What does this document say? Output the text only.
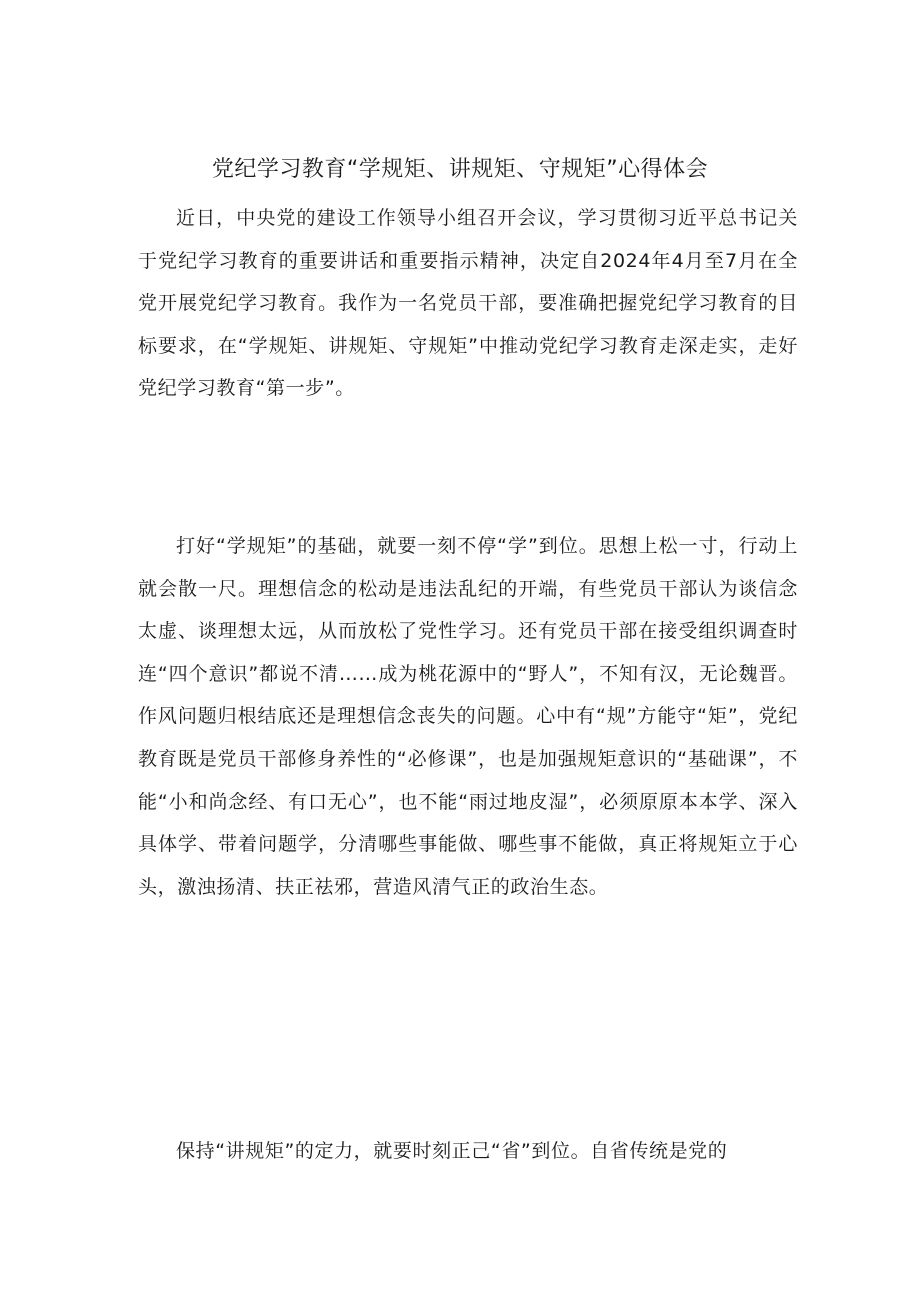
党纪学习教育“学规矩、讲规矩、守规矩”心得体会

近日，中央党的建设工作领导小组召开会议，学习贯彻习近平总书记关于党纪学习教育的重要讲话和重要指示精神，决定自2024年4月至7月在全党开展党纪学习教育。我作为一名党员干部，要准确把握党纪学习教育的目标要求，在“学规矩、讲规矩、守规矩”中推动党纪学习教育走深走实，走好党纪学习教育“第一步”。

打好“学规矩”的基础，就要一刻不停“学”到位。思想上松一寸，行动上就会散一尺。理想信念的松动是违法乱纪的开端，有些党员干部认为谈信念太虚、谈理想太远，从而放松了党性学习。还有党员干部在接受组织调查时连“四个意识”都说不清……成为桃花源中的“野人”，不知有汉，无论魏晋。作风问题归根结底还是理想信念丧失的问题。心中有“规”方能守“矩”，党纪教育既是党员干部修身养性的“必修课”，也是加强规矩意识的“基础课”，不能“小和尚念经、有口无心”，也不能“雨过地皮湿”，必须原原本本学、深入具体学、带着问题学，分清哪些事能做、哪些事不能做，真正将规矩立于心头，激浊扬清、扶正祛邪，营造风清气正的政治生态。

保持“讲规矩”的定力，就要时刻正己“省”到位。自省传统是党的
